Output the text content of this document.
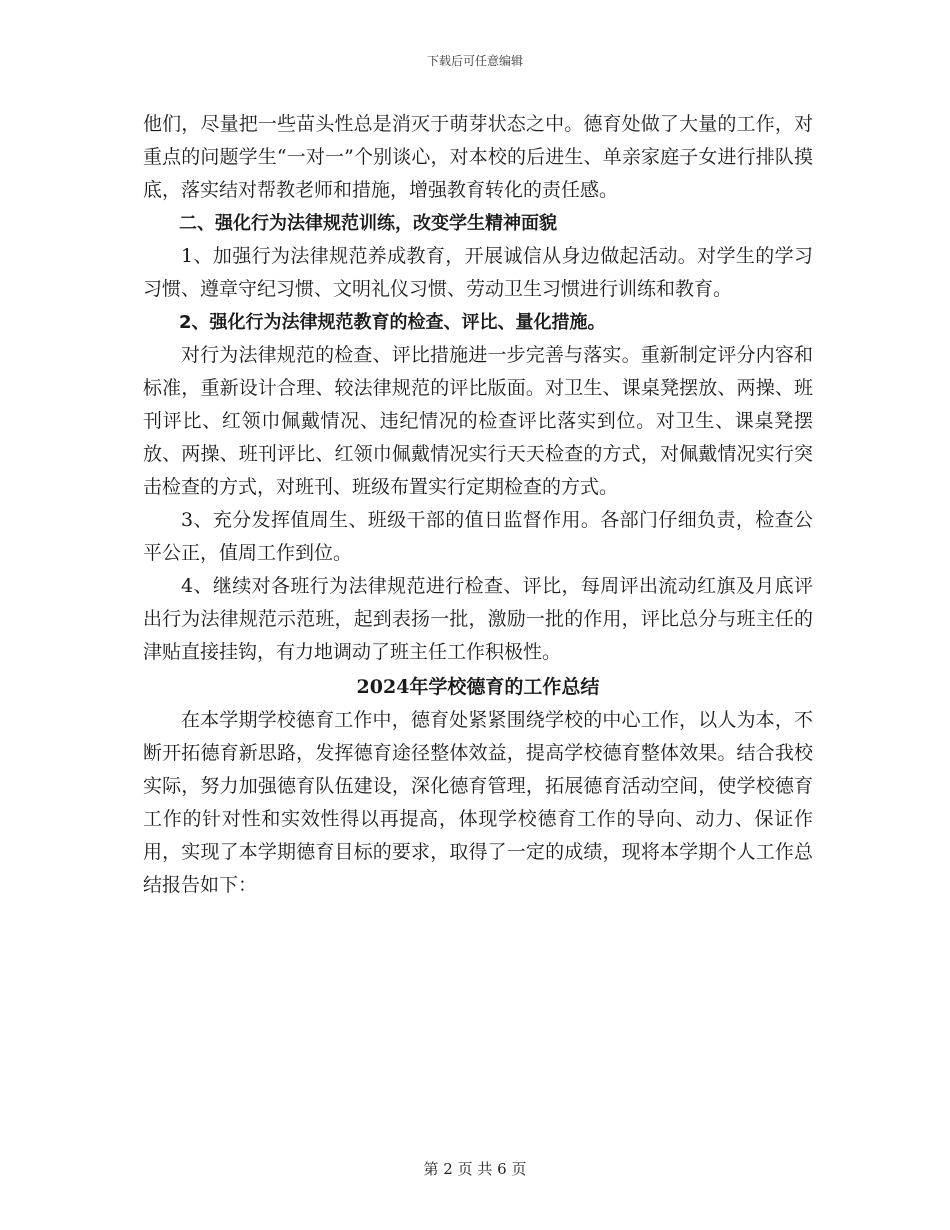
下载后可任意编辑

他们，尽量把一些苗头性总是消灭于萌芽状态之中。德育处做了大量的工作，对重点的问题学生“一对一”个别谈心，对本校的后进生、单亲家庭子女进行排队摸底，落实结对帮教老师和措施，增强教育转化的责任感。

二、强化行为法律规范训练，改变学生精神面貌

1、加强行为法律规范养成教育，开展诚信从身边做起活动。对学生的学习习惯、遵章守纪习惯、文明礼仪习惯、劳动卫生习惯进行训练和教育。

2、强化行为法律规范教育的检查、评比、量化措施。

对行为法律规范的检查、评比措施进一步完善与落实。重新制定评分内容和标准，重新设计合理、较法律规范的评比版面。对卫生、课桌凳摆放、两操、班刊评比、红领巾佩戴情况、违纪情况的检查评比落实到位。对卫生、课桌凳摆放、两操、班刊评比、红领巾佩戴情况实行天天检查的方式，对佩戴情况实行突击检查的方式，对班刊、班级布置实行定期检查的方式。

3、充分发挥值周生、班级干部的值日监督作用。各部门仔细负责，检查公平公正，值周工作到位。

4、继续对各班行为法律规范进行检查、评比，每周评出流动红旗及月底评出行为法律规范示范班，起到表扬一批，激励一批的作用，评比总分与班主任的津贴直接挂钩，有力地调动了班主任工作积极性。

2024年学校德育的工作总结

在本学期学校德育工作中，德育处紧紧围绕学校的中心工作，以人为本，不断开拓德育新思路，发挥德育途径整体效益，提高学校德育整体效果。结合我校实际，努力加强德育队伍建设，深化德育管理，拓展德育活动空间，使学校德育工作的针对性和实效性得以再提高，体现学校德育工作的导向、动力、保证作用，实现了本学期德育目标的要求，取得了一定的成绩，现将本学期个人工作总结报告如下：

第 2 页 共 6 页
